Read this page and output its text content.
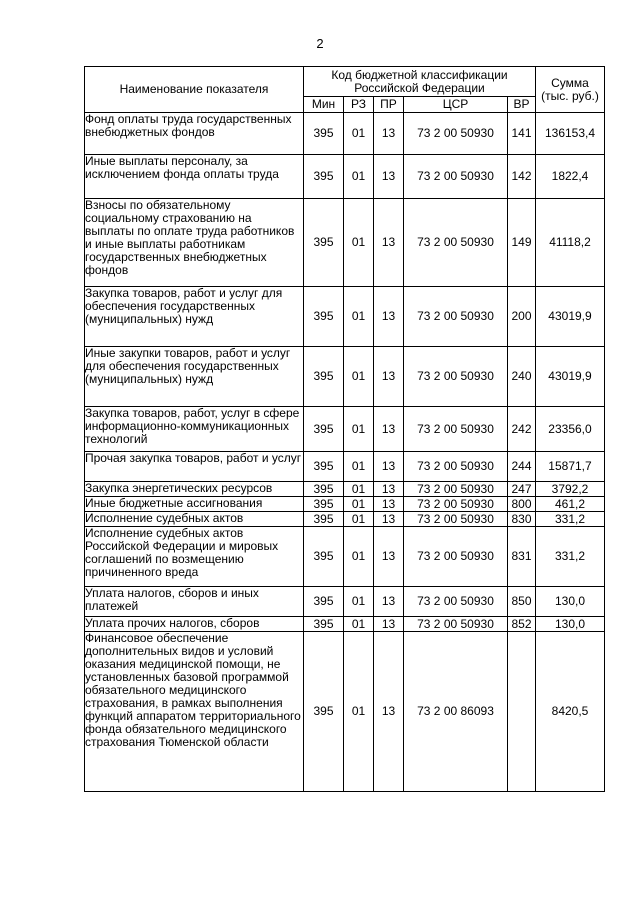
2
Наименование показателя	Код бюджетной классификации Российской Федерации					Сумма (тыс. руб.)
	Мин	РЗ	ПР	ЦСР	ВР	
Фонд оплаты труда государственных внебюджетных фондов	395	01	13	73 2 00 50930	141	136153,4
Иные выплаты персоналу, за исключением фонда оплаты труда	395	01	13	73 2 00 50930	142	1822,4
Взносы по обязательному социальному страхованию на выплаты по оплате труда работников и иные выплаты работникам государственных внебюджетных фондов	395	01	13	73 2 00 50930	149	41118,2
Закупка товаров, работ и услуг для обеспечения государственных (муниципальных) нужд	395	01	13	73 2 00 50930	200	43019,9
Иные закупки товаров, работ и услуг для обеспечения государственных (муниципальных) нужд	395	01	13	73 2 00 50930	240	43019,9
Закупка товаров, работ, услуг в сфере информационно-коммуникационных технологий	395	01	13	73 2 00 50930	242	23356,0
Прочая закупка товаров, работ и услуг	395	01	13	73 2 00 50930	244	15871,7
Закупка энергетических ресурсов	395	01	13	73 2 00 50930	247	3792,2
Иные бюджетные ассигнования	395	01	13	73 2 00 50930	800	461,2
Исполнение судебных актов	395	01	13	73 2 00 50930	830	331,2
Исполнение судебных актов Российской Федерации и мировых соглашений по возмещению причиненного вреда	395	01	13	73 2 00 50930	831	331,2
Уплата налогов, сборов и иных платежей	395	01	13	73 2 00 50930	850	130,0
Уплата прочих налогов, сборов	395	01	13	73 2 00 50930	852	130,0
Финансовое обеспечение дополнительных видов и условий оказания медицинской помощи, не установленных базовой программой обязательного медицинского страхования, в рамках выполнения функций аппаратом территориального фонда обязательного медицинского страхования Тюменской области	395	01	13	73 2 00 86093		8420,5
